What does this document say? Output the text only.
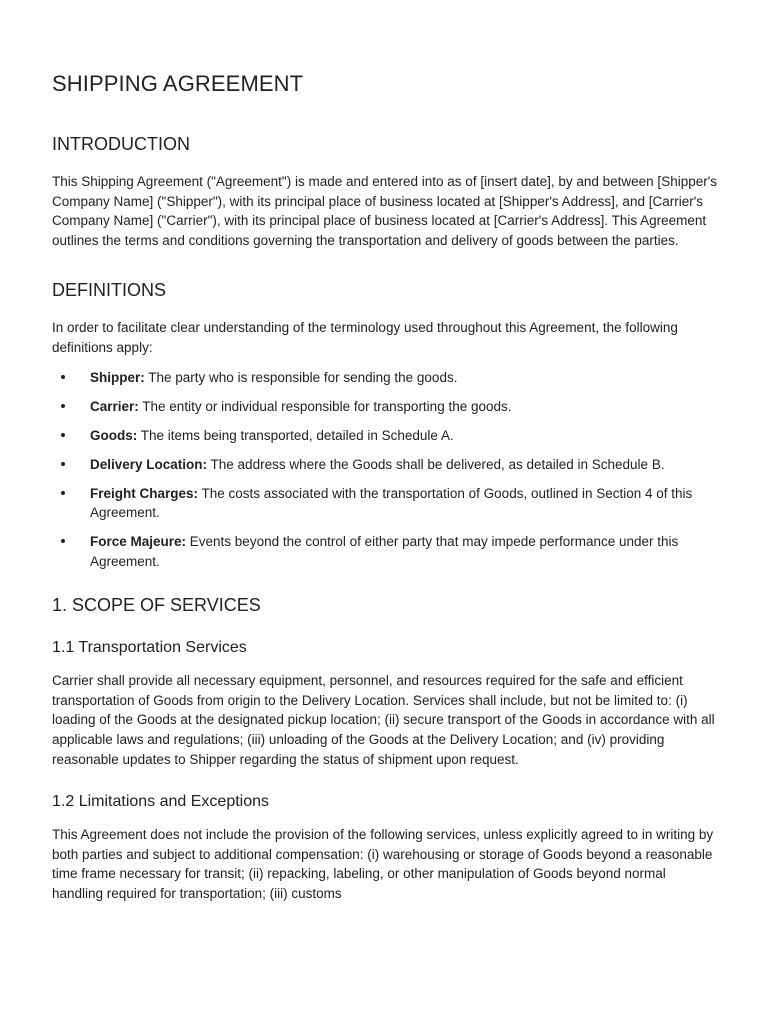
SHIPPING AGREEMENT
INTRODUCTION

This Shipping Agreement ("Agreement") is made and entered into as of [insert date], by and between [Shipper's Company Name] ("Shipper"), with its principal place of business located at [Shipper's Address], and [Carrier's Company Name] ("Carrier"), with its principal place of business located at [Carrier's Address]. This Agreement outlines the terms and conditions governing the transportation and delivery of goods between the parties.

DEFINITIONS

In order to facilitate clear understanding of the terminology used throughout this Agreement, the following definitions apply:

Shipper: The party who is responsible for sending the goods.
Carrier: The entity or individual responsible for transporting the goods.
Goods: The items being transported, detailed in Schedule A.
Delivery Location: The address where the Goods shall be delivered, as detailed in Schedule B.
Freight Charges: The costs associated with the transportation of Goods, outlined in Section 4 of this Agreement.
Force Majeure: Events beyond the control of either party that may impede performance under this Agreement.
1. SCOPE OF SERVICES
1.1 Transportation Services

Carrier shall provide all necessary equipment, personnel, and resources required for the safe and efficient transportation of Goods from origin to the Delivery Location. Services shall include, but not be limited to: (i) loading of the Goods at the designated pickup location; (ii) secure transport of the Goods in accordance with all applicable laws and regulations; (iii) unloading of the Goods at the Delivery Location; and (iv) providing reasonable updates to Shipper regarding the status of shipment upon request.

1.2 Limitations and Exceptions

This Agreement does not include the provision of the following services, unless explicitly agreed to in writing by both parties and subject to additional compensation: (i) warehousing or storage of Goods beyond a reasonable time frame necessary for transit; (ii) repacking, labeling, or other manipulation of Goods beyond normal handling required for transportation; (iii) customs
